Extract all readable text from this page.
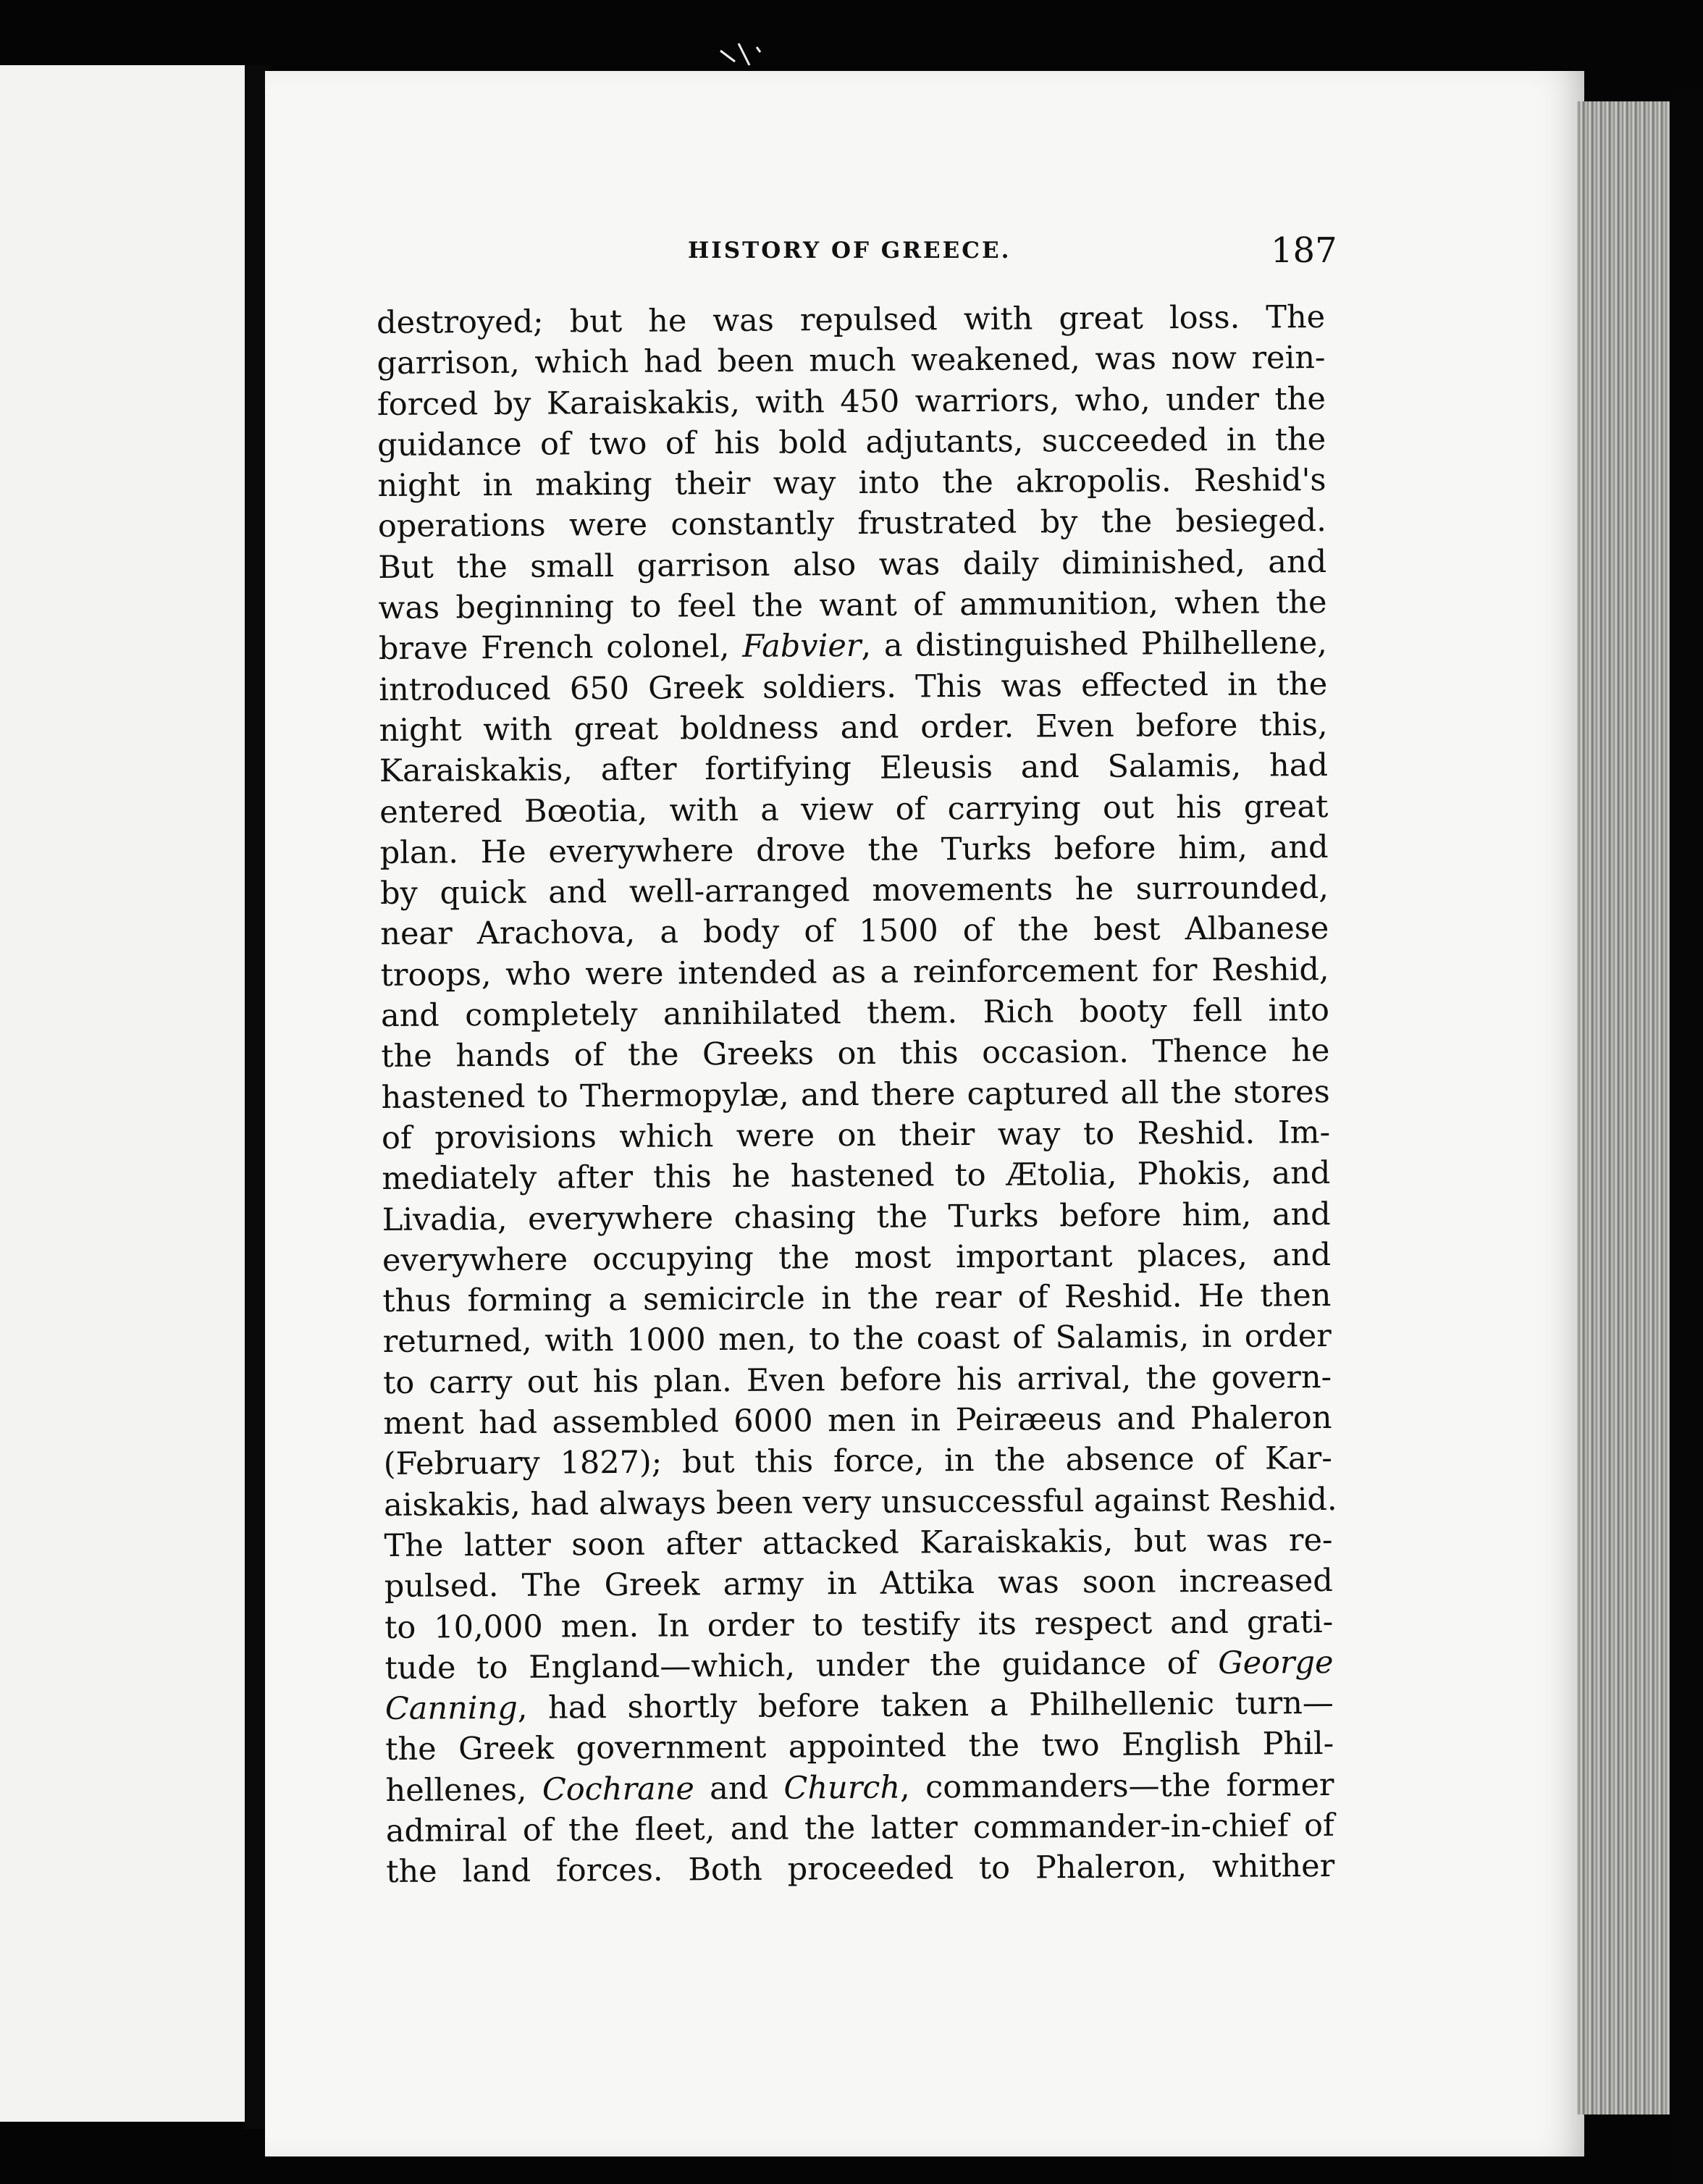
HISTORY OF GREECE.	187
destroyed; but he was repulsed with great loss. The
garrison, which had been much weakened, was now rein-
forced by Karaiskakis, with 450 warriors, who, under the
guidance of two of his bold adjutants, succeeded in the
night in making their way into the akropolis. Reshid's
operations were constantly frustrated by the besieged.
But the small garrison also was daily diminished, and
was beginning to feel the want of ammunition, when the
brave French colonel, Fabvier, a distinguished Philhellene,
introduced 650 Greek soldiers. This was effected in the
night with great boldness and order. Even before this,
Karaiskakis, after fortifying Eleusis and Salamis, had
entered Bœotia, with a view of carrying out his great
plan. He everywhere drove the Turks before him, and
by quick and well-arranged movements he surrounded,
near Arachova, a body of 1500 of the best Albanese
troops, who were intended as a reinforcement for Reshid,
and completely annihilated them. Rich booty fell into
the hands of the Greeks on this occasion. Thence he
hastened to Thermopylæ, and there captured all the stores
of provisions which were on their way to Reshid. Im-
mediately after this he hastened to Ætolia, Phokis, and
Livadia, everywhere chasing the Turks before him, and
everywhere occupying the most important places, and
thus forming a semicircle in the rear of Reshid. He then
returned, with 1000 men, to the coast of Salamis, in order
to carry out his plan. Even before his arrival, the govern-
ment had assembled 6000 men in Peiræeus and Phaleron
(February 1827); but this force, in the absence of Kar-
aiskakis, had always been very unsuccessful against Reshid.
The latter soon after attacked Karaiskakis, but was re-
pulsed. The Greek army in Attika was soon increased
to 10,000 men. In order to testify its respect and grati-
tude to England—which, under the guidance of George
Canning, had shortly before taken a Philhellenic turn—
the Greek government appointed the two English Phil-
hellenes, Cochrane and Church, commanders—the former
admiral of the fleet, and the latter commander-in-chief of
the land forces. Both proceeded to Phaleron, whither
